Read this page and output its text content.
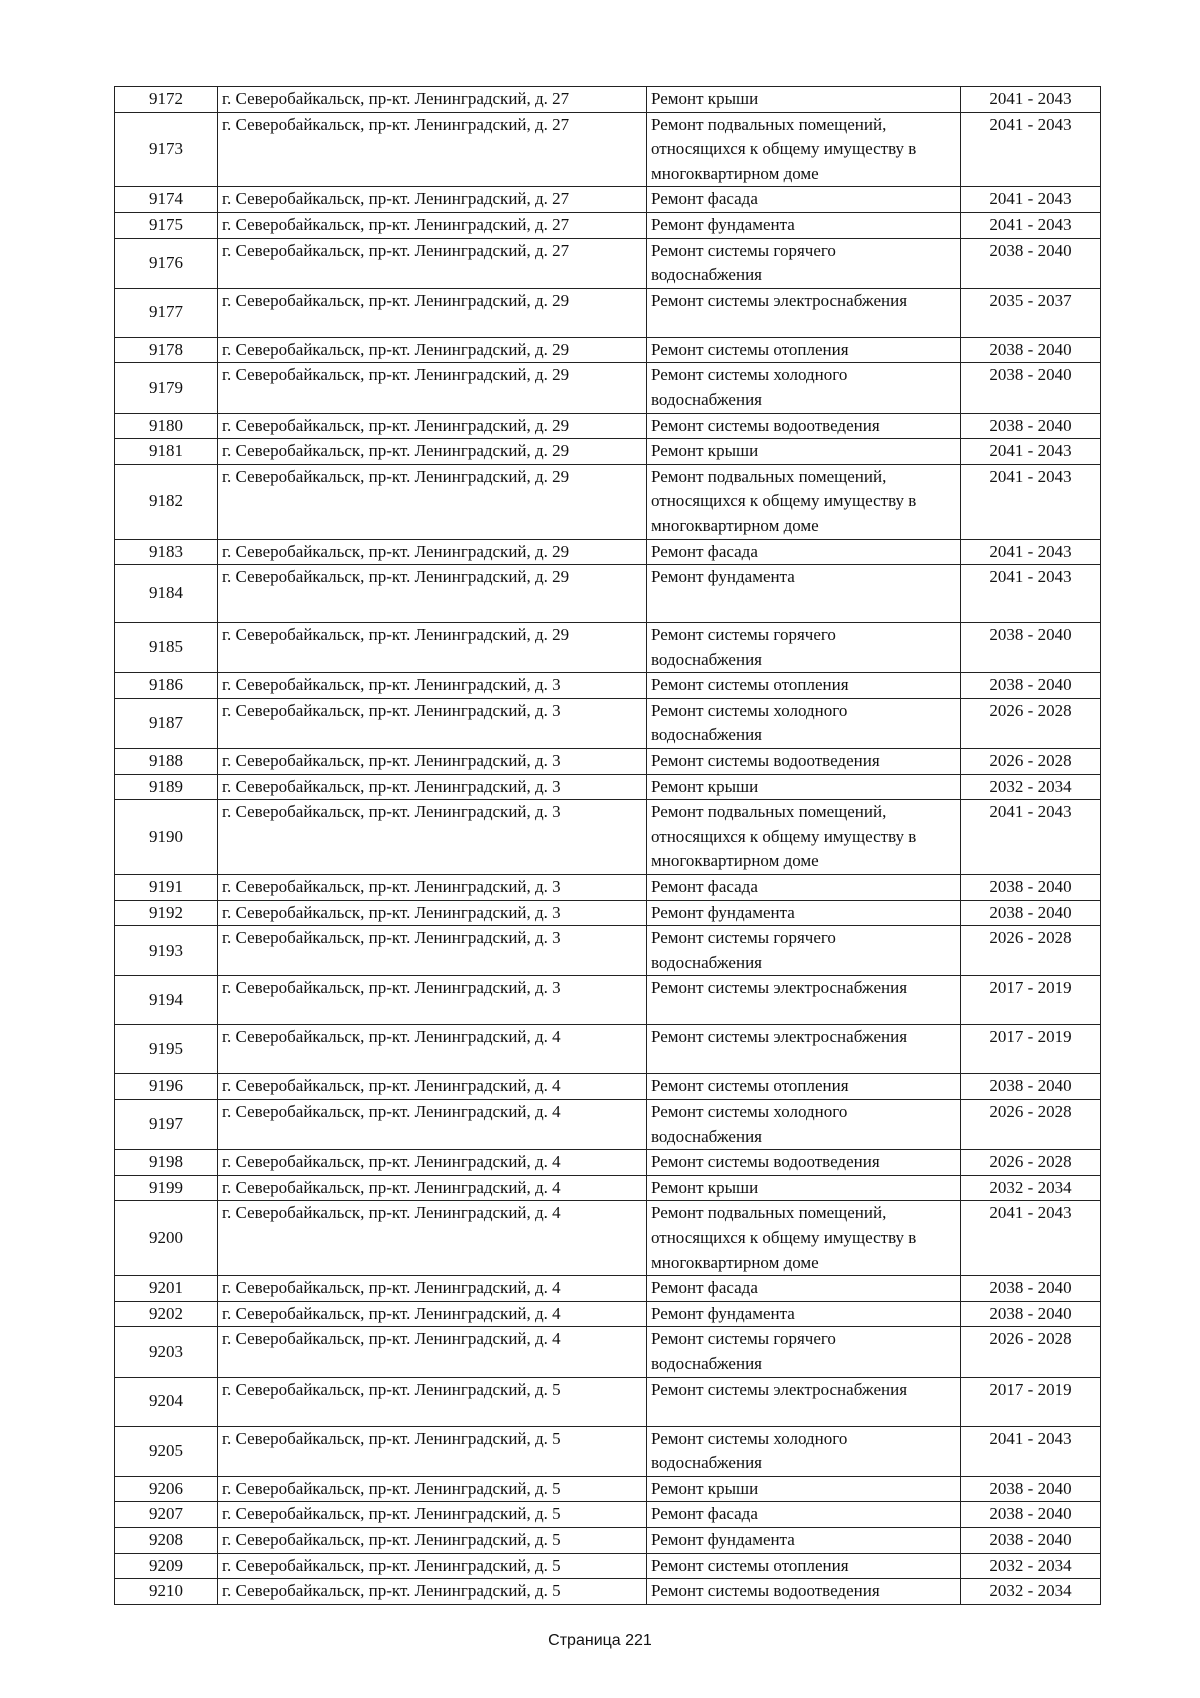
9172	г. Северобайкальск, пр-кт. Ленинградский, д. 27	Ремонт крыши	2041 - 2043
9173	г. Северобайкальск, пр-кт. Ленинградский, д. 27	Ремонт подвальных помещений,
относящихся к общему имуществу в
многоквартирном доме	2041 - 2043
9174	г. Северобайкальск, пр-кт. Ленинградский, д. 27	Ремонт фасада	2041 - 2043
9175	г. Северобайкальск, пр-кт. Ленинградский, д. 27	Ремонт фундамента	2041 - 2043
9176	г. Северобайкальск, пр-кт. Ленинградский, д. 27	Ремонт системы горячего
водоснабжения	2038 - 2040
9177	г. Северобайкальск, пр-кт. Ленинградский, д. 29	Ремонт системы электроснабжения	2035 - 2037
9178	г. Северобайкальск, пр-кт. Ленинградский, д. 29	Ремонт системы отопления	2038 - 2040
9179	г. Северобайкальск, пр-кт. Ленинградский, д. 29	Ремонт системы холодного
водоснабжения	2038 - 2040
9180	г. Северобайкальск, пр-кт. Ленинградский, д. 29	Ремонт системы водоотведения	2038 - 2040
9181	г. Северобайкальск, пр-кт. Ленинградский, д. 29	Ремонт крыши	2041 - 2043
9182	г. Северобайкальск, пр-кт. Ленинградский, д. 29	Ремонт подвальных помещений,
относящихся к общему имуществу в
многоквартирном доме	2041 - 2043
9183	г. Северобайкальск, пр-кт. Ленинградский, д. 29	Ремонт фасада	2041 - 2043
9184	г. Северобайкальск, пр-кт. Ленинградский, д. 29	Ремонт фундамента	2041 - 2043
9185	г. Северобайкальск, пр-кт. Ленинградский, д. 29	Ремонт системы горячего
водоснабжения	2038 - 2040
9186	г. Северобайкальск, пр-кт. Ленинградский, д. 3	Ремонт системы отопления	2038 - 2040
9187	г. Северобайкальск, пр-кт. Ленинградский, д. 3	Ремонт системы холодного
водоснабжения	2026 - 2028
9188	г. Северобайкальск, пр-кт. Ленинградский, д. 3	Ремонт системы водоотведения	2026 - 2028
9189	г. Северобайкальск, пр-кт. Ленинградский, д. 3	Ремонт крыши	2032 - 2034
9190	г. Северобайкальск, пр-кт. Ленинградский, д. 3	Ремонт подвальных помещений,
относящихся к общему имуществу в
многоквартирном доме	2041 - 2043
9191	г. Северобайкальск, пр-кт. Ленинградский, д. 3	Ремонт фасада	2038 - 2040
9192	г. Северобайкальск, пр-кт. Ленинградский, д. 3	Ремонт фундамента	2038 - 2040
9193	г. Северобайкальск, пр-кт. Ленинградский, д. 3	Ремонт системы горячего
водоснабжения	2026 - 2028
9194	г. Северобайкальск, пр-кт. Ленинградский, д. 3	Ремонт системы электроснабжения	2017 - 2019
9195	г. Северобайкальск, пр-кт. Ленинградский, д. 4	Ремонт системы электроснабжения	2017 - 2019
9196	г. Северобайкальск, пр-кт. Ленинградский, д. 4	Ремонт системы отопления	2038 - 2040
9197	г. Северобайкальск, пр-кт. Ленинградский, д. 4	Ремонт системы холодного
водоснабжения	2026 - 2028
9198	г. Северобайкальск, пр-кт. Ленинградский, д. 4	Ремонт системы водоотведения	2026 - 2028
9199	г. Северобайкальск, пр-кт. Ленинградский, д. 4	Ремонт крыши	2032 - 2034
9200	г. Северобайкальск, пр-кт. Ленинградский, д. 4	Ремонт подвальных помещений,
относящихся к общему имуществу в
многоквартирном доме	2041 - 2043
9201	г. Северобайкальск, пр-кт. Ленинградский, д. 4	Ремонт фасада	2038 - 2040
9202	г. Северобайкальск, пр-кт. Ленинградский, д. 4	Ремонт фундамента	2038 - 2040
9203	г. Северобайкальск, пр-кт. Ленинградский, д. 4	Ремонт системы горячего
водоснабжения	2026 - 2028
9204	г. Северобайкальск, пр-кт. Ленинградский, д. 5	Ремонт системы электроснабжения	2017 - 2019
9205	г. Северобайкальск, пр-кт. Ленинградский, д. 5	Ремонт системы холодного
водоснабжения	2041 - 2043
9206	г. Северобайкальск, пр-кт. Ленинградский, д. 5	Ремонт крыши	2038 - 2040
9207	г. Северобайкальск, пр-кт. Ленинградский, д. 5	Ремонт фасада	2038 - 2040
9208	г. Северобайкальск, пр-кт. Ленинградский, д. 5	Ремонт фундамента	2038 - 2040
9209	г. Северобайкальск, пр-кт. Ленинградский, д. 5	Ремонт системы отопления	2032 - 2034
9210	г. Северобайкальск, пр-кт. Ленинградский, д. 5	Ремонт системы водоотведения	2032 - 2034
Страница 221
